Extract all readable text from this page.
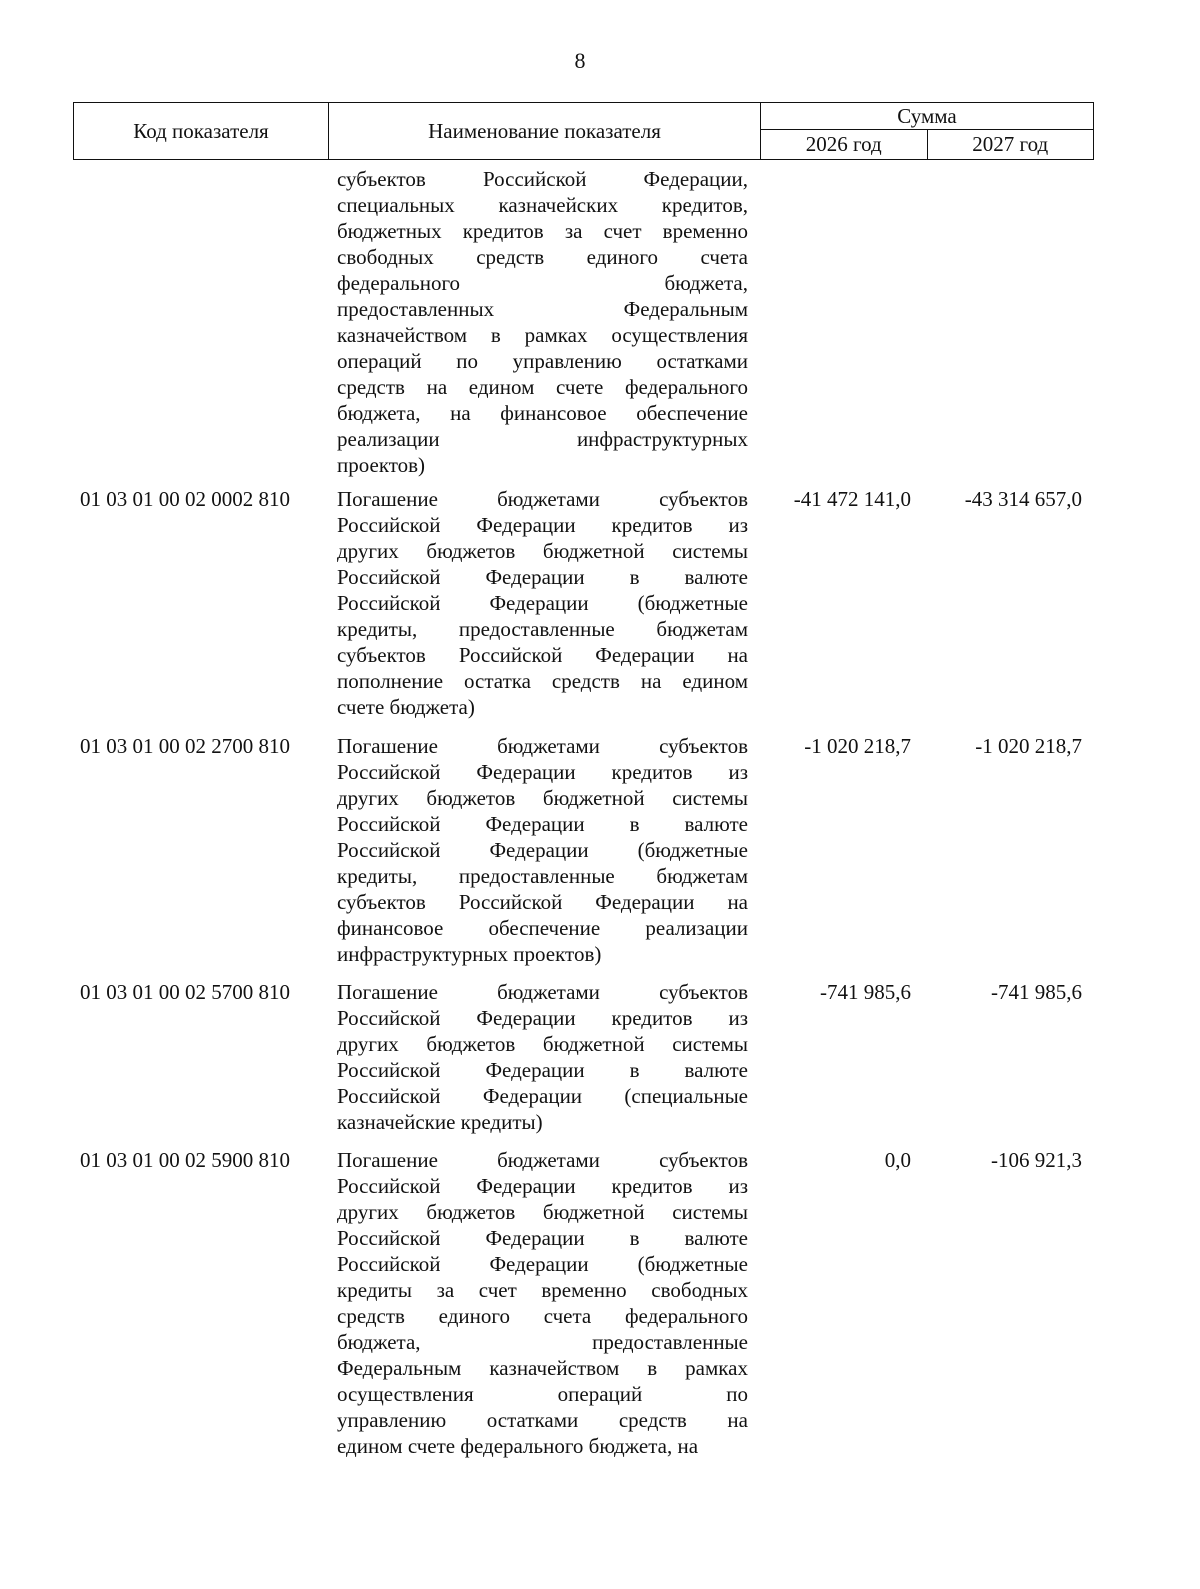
8
Код показателя	Наименование показателя	Сумма	
		2026 год	2027 год
субъектов Российской Федерации,
специальных казначейских кредитов,
бюджетных кредитов за счет временно
свободных средств единого счета
федерального бюджета,
предоставленных Федеральным
казначейством в рамках осуществления
операций по управлению остатками
средств на едином счете федерального
бюджета, на финансовое обеспечение
реализации инфраструктурных
проектов)
01 03 01 00 02 0002 810 Погашение бюджетами субъектов
Российской Федерации кредитов из
других бюджетов бюджетной системы
Российской Федерации в валюте
Российской Федерации (бюджетные
кредиты, предоставленные бюджетам
субъектов Российской Федерации на
пополнение остатка средств на едином
счете бюджета)
-41 472 141,0	-43 314 657,0
01 03 01 00 02 2700 810 Погашение бюджетами субъектов
Российской Федерации кредитов из
других бюджетов бюджетной системы
Российской Федерации в валюте
Российской Федерации (бюджетные
кредиты, предоставленные бюджетам
субъектов Российской Федерации на
финансовое обеспечение реализации
инфраструктурных проектов)
-1 020 218,7	-1 020 218,7
01 03 01 00 02 5700 810 Погашение бюджетами субъектов
Российской Федерации кредитов из
других бюджетов бюджетной системы
Российской Федерации в валюте
Российской Федерации (специальные
казначейские кредиты)
-741 985,6	-741 985,6
01 03 01 00 02 5900 810 Погашение бюджетами субъектов
Российской Федерации кредитов из
других бюджетов бюджетной системы
Российской Федерации в валюте
Российской Федерации (бюджетные
кредиты за счет временно свободных
средств единого счета федерального
бюджета, предоставленные
Федеральным казначейством в рамках
осуществления операций по
управлению остатками средств на
едином счете федерального бюджета, на
0,0	-106 921,3
